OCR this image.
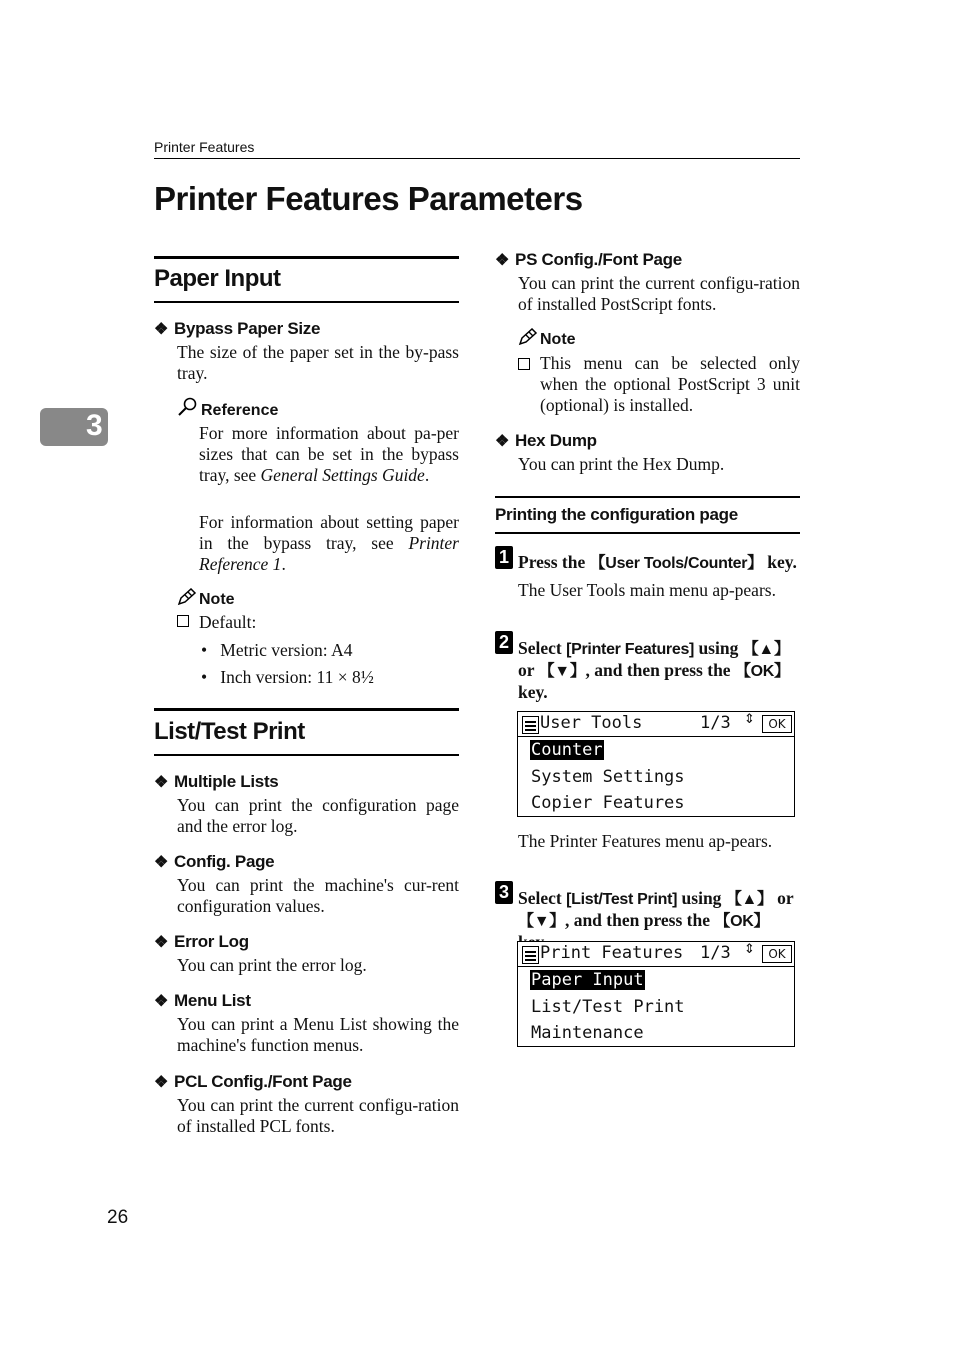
Printer Features
Printer Features Parameters
3
Paper Input
❖ Bypass Paper Size
The size of the paper set in the by-pass tray.
Reference
For more information about pa-per sizes that can be set in the bypass tray, see General Settings Guide.
For information about setting paper in the bypass tray, see Printer Reference 1.
Note
Default:
•   Metric version: A4
•   Inch version: 11 × 8½
List/Test Print
❖ Multiple Lists
You can print the configuration page and the error log.
❖ Config. Page
You can print the machine's cur-rent configuration values.
❖ Error Log
You can print the error log.
❖ Menu List
You can print a Menu List showing the machine's function menus.
❖ PCL Config./Font Page
You can print the current configu-ration of installed PCL fonts.
❖ PS Config./Font Page
You can print the current configu-ration of installed PostScript fonts.
Note
This menu can be selected only when the optional PostScript 3 unit (optional) is installed.
❖ Hex Dump
You can print the Hex Dump.
Printing the configuration page
1 Press the 【User Tools/Counter】 key.
The User Tools main menu ap-pears.
2 Select [Printer Features] using 【▲】 or 【▼】, and then press the 【OK】 key.
User Tools	1/3 ⇕	OK
Counter
System Settings
Copier Features
The Printer Features menu ap-pears.
3 Select [List/Test Print] using 【▲】 or 【▼】, and then press the 【OK】
Print Features 1/3 ⇕	OK
Paper Input
List/Test Print
Maintenance
26
